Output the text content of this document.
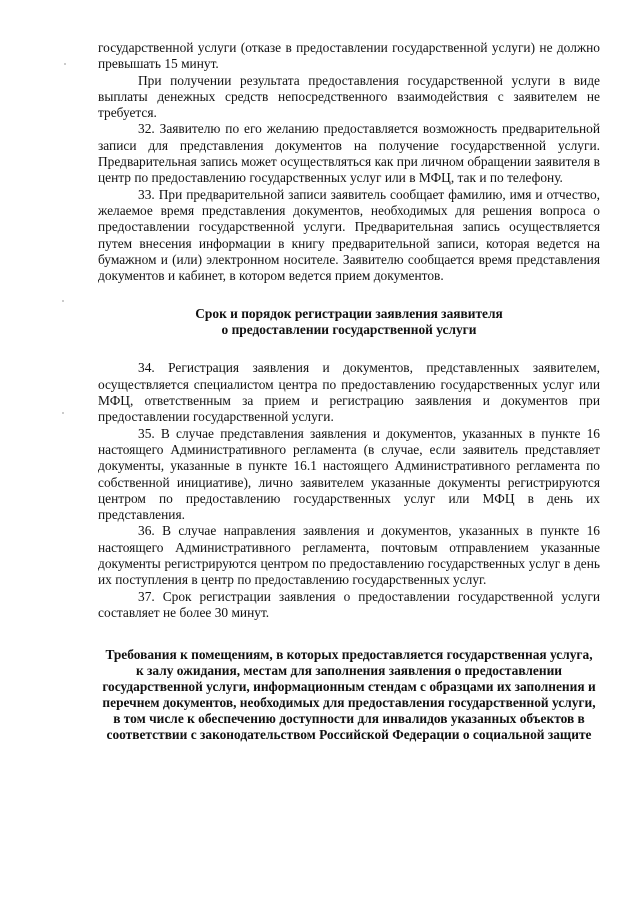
государственной услуги (отказе в предоставлении государственной услуги) не должно превышать 15 минут.

При получении результата предоставления государственной услуги в виде выплаты денежных средств непосредственного взаимодействия с заявителем не требуется.

32. Заявителю по его желанию предоставляется возможность предварительной записи для представления документов на получение государственной услуги. Предварительная запись может осуществляться как при личном обращении заявителя в центр по предоставлению государственных услуг или в МФЦ, так и по телефону.

33. При предварительной записи заявитель сообщает фамилию, имя и отчество, желаемое время представления документов, необходимых для решения вопроса о предоставлении государственной услуги. Предварительная запись осуществляется путем внесения информации в книгу предварительной записи, которая ведется на бумажном и (или) электронном носителе. Заявителю сообщается время представления документов и кабинет, в котором ведется прием документов.

Срок и порядок регистрации заявления заявителя
о предоставлении государственной услуги

34. Регистрация заявления и документов, представленных заявителем, осуществляется специалистом центра по предоставлению государственных услуг или МФЦ, ответственным за прием и регистрацию заявления и документов при предоставлении государственной услуги.

35. В случае представления заявления и документов, указанных в пункте 16 настоящего Административного регламента (в случае, если заявитель представляет документы, указанные в пункте 16.1 настоящего Административного регламента по собственной инициативе), лично заявителем указанные документы регистрируются центром по предоставлению государственных услуг или МФЦ в день их представления.

36. В случае направления заявления и документов, указанных в пункте 16 настоящего Административного регламента, почтовым отправлением указанные документы регистрируются центром по предоставлению государственных услуг в день их поступления в центр по предоставлению государственных услуг.

37. Срок регистрации заявления о предоставлении государственной услуги составляет не более 30 минут.

Требования к помещениям, в которых предоставляется государственная услуга, к залу ожидания, местам для заполнения заявления о предоставлении государственной услуги, информационным стендам с образцами их заполнения и перечнем документов, необходимых для предоставления государственной услуги, в том числе к обеспечению доступности для инвалидов указанных объектов в соответствии с законодательством Российской Федерации о социальной защите
